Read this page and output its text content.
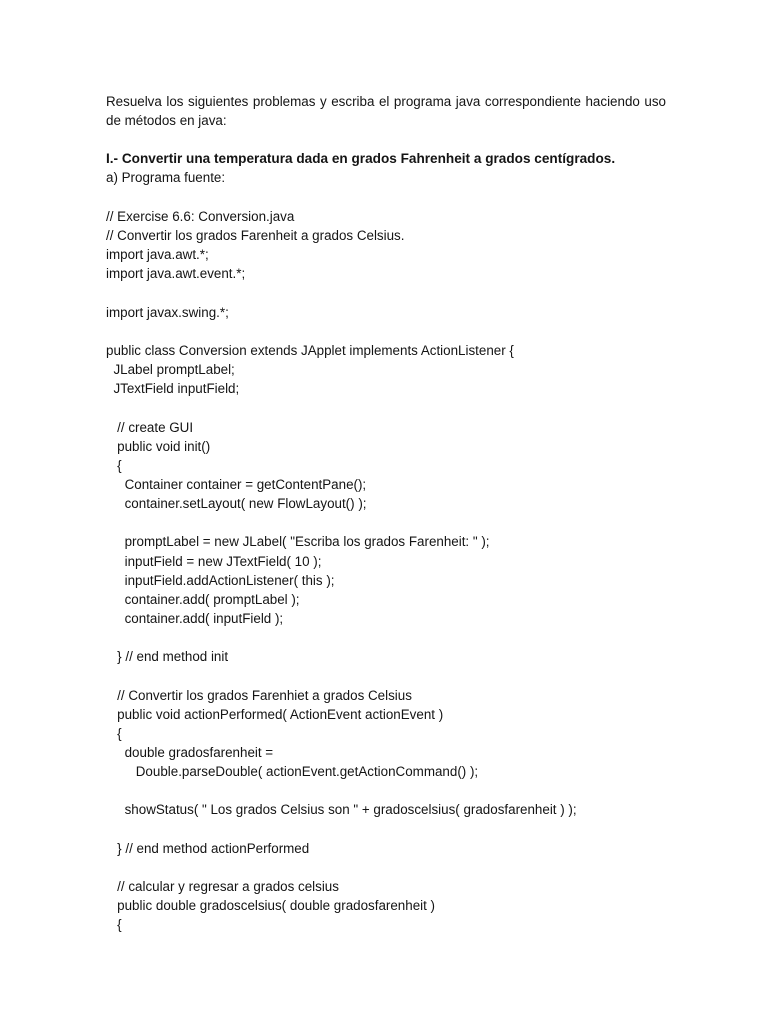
Resuelva los siguientes problemas y escriba el programa java correspondiente haciendo uso de métodos en java:

I.- Convertir una temperatura dada en grados Fahrenheit a grados centígrados.

a) Programa fuente:

// Exercise 6.6: Conversion.java
// Convertir los grados Farenheit a grados Celsius.
import java.awt.*;
import java.awt.event.*;
import javax.swing.*;
public class Conversion extends JApplet implements ActionListener {
JLabel promptLabel;
JTextField inputField;
// create GUI
public void init()
{
Container container = getContentPane();
container.setLayout( new FlowLayout() );
promptLabel = new JLabel( "Escriba los grados Farenheit: " );
inputField = new JTextField( 10 );
inputField.addActionListener( this );
container.add( promptLabel );
container.add( inputField );
} // end method init
// Convertir los grados Farenhiet a grados Celsius
public void actionPerformed( ActionEvent actionEvent )
{
double gradosfarenheit =
Double.parseDouble( actionEvent.getActionCommand() );
showStatus( " Los grados Celsius son " + gradoscelsius( gradosfarenheit ) );
} // end method actionPerformed
// calcular y regresar a grados celsius
public double gradoscelsius( double gradosfarenheit )
{
